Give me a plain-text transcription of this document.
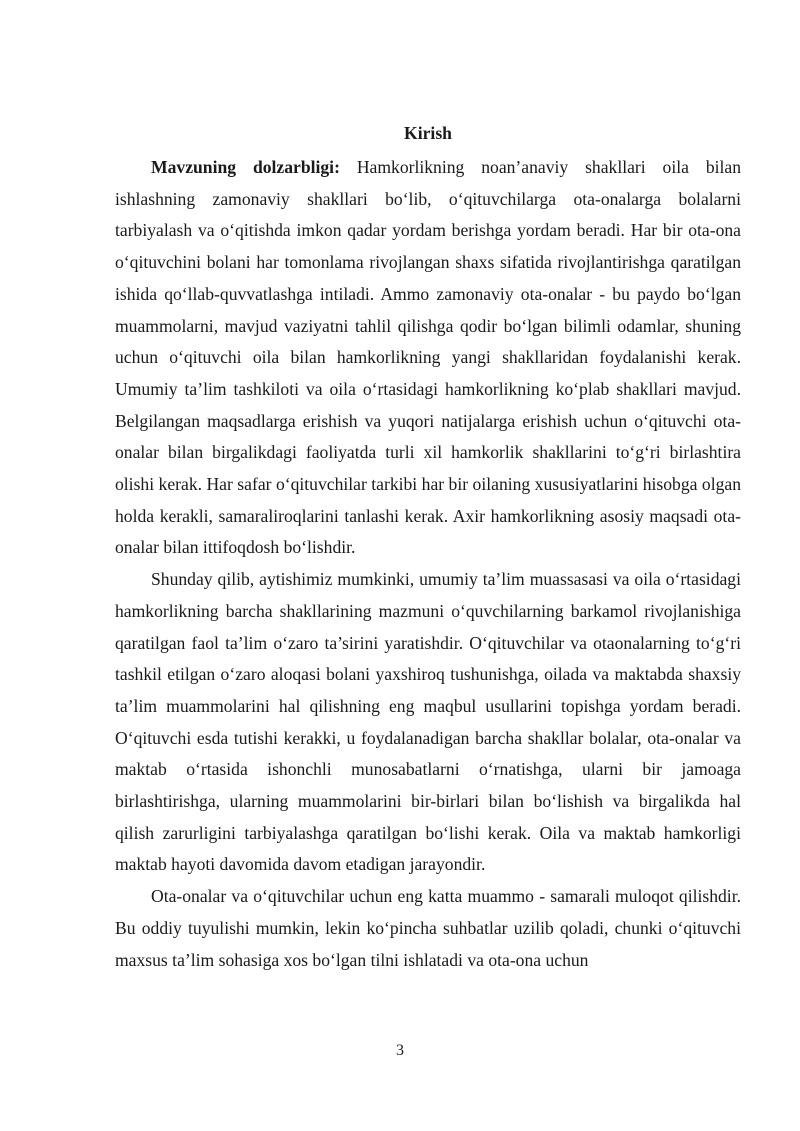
Kirish

Mavzuning dolzarbligi: Hamkorlikning noan’anaviy shakllari oila bilan ishlashning zamonaviy shakllari bo‘lib, o‘qituvchilarga ota-onalarga bolalarni tarbiyalash va o‘qitishda imkon qadar yordam berishga yordam beradi. Har bir ota-ona o‘qituvchini bolani har tomonlama rivojlangan shaxs sifatida rivojlantirishga qaratilgan ishida qo‘llab-quvvatlashga intiladi. Ammo zamonaviy ota-onalar - bu paydo bo‘lgan muammolarni, mavjud vaziyatni tahlil qilishga qodir bo‘lgan bilimli odamlar, shuning uchun o‘qituvchi oila bilan hamkorlikning yangi shakllaridan foydalanishi kerak. Umumiy ta’lim tashkiloti va oila o‘rtasidagi hamkorlikning ko‘plab shakllari mavjud. Belgilangan maqsadlarga erishish va yuqori natijalarga erishish uchun o‘qituvchi ota-onalar bilan birgalikdagi faoliyatda turli xil hamkorlik shakllarini to‘g‘ri birlashtira olishi kerak. Har safar o‘qituvchilar tarkibi har bir oilaning xususiyatlarini hisobga olgan holda kerakli, samaraliroqlarini tanlashi kerak. Axir hamkorlikning asosiy maqsadi ota-onalar bilan ittifoqdosh bo‘lishdir.

Shunday qilib, aytishimiz mumkinki, umumiy ta’lim muassasasi va oila o‘rtasidagi hamkorlikning barcha shakllarining mazmuni o‘quvchilarning barkamol rivojlanishiga qaratilgan faol ta’lim o‘zaro ta’sirini yaratishdir. O‘qituvchilar va otaonalarning to‘g‘ri tashkil etilgan o‘zaro aloqasi bolani yaxshiroq tushunishga, oilada va maktabda shaxsiy ta’lim muammolarini hal qilishning eng maqbul usullarini topishga yordam beradi. O‘qituvchi esda tutishi kerakki, u foydalanadigan barcha shakllar bolalar, ota-onalar va maktab o‘rtasida ishonchli munosabatlarni o‘rnatishga, ularni bir jamoaga birlashtirishga, ularning muammolarini bir-birlari bilan bo‘lishish va birgalikda hal qilish zarurligini tarbiyalashga qaratilgan bo‘lishi kerak. Oila va maktab hamkorligi maktab hayoti davomida davom etadigan jarayondir.

Ota-onalar va o‘qituvchilar uchun eng katta muammo - samarali muloqot qilishdir. Bu oddiy tuyulishi mumkin, lekin ko‘pincha suhbatlar uzilib qoladi, chunki o‘qituvchi maxsus ta’lim sohasiga xos bo‘lgan tilni ishlatadi va ota-ona uchun

3
